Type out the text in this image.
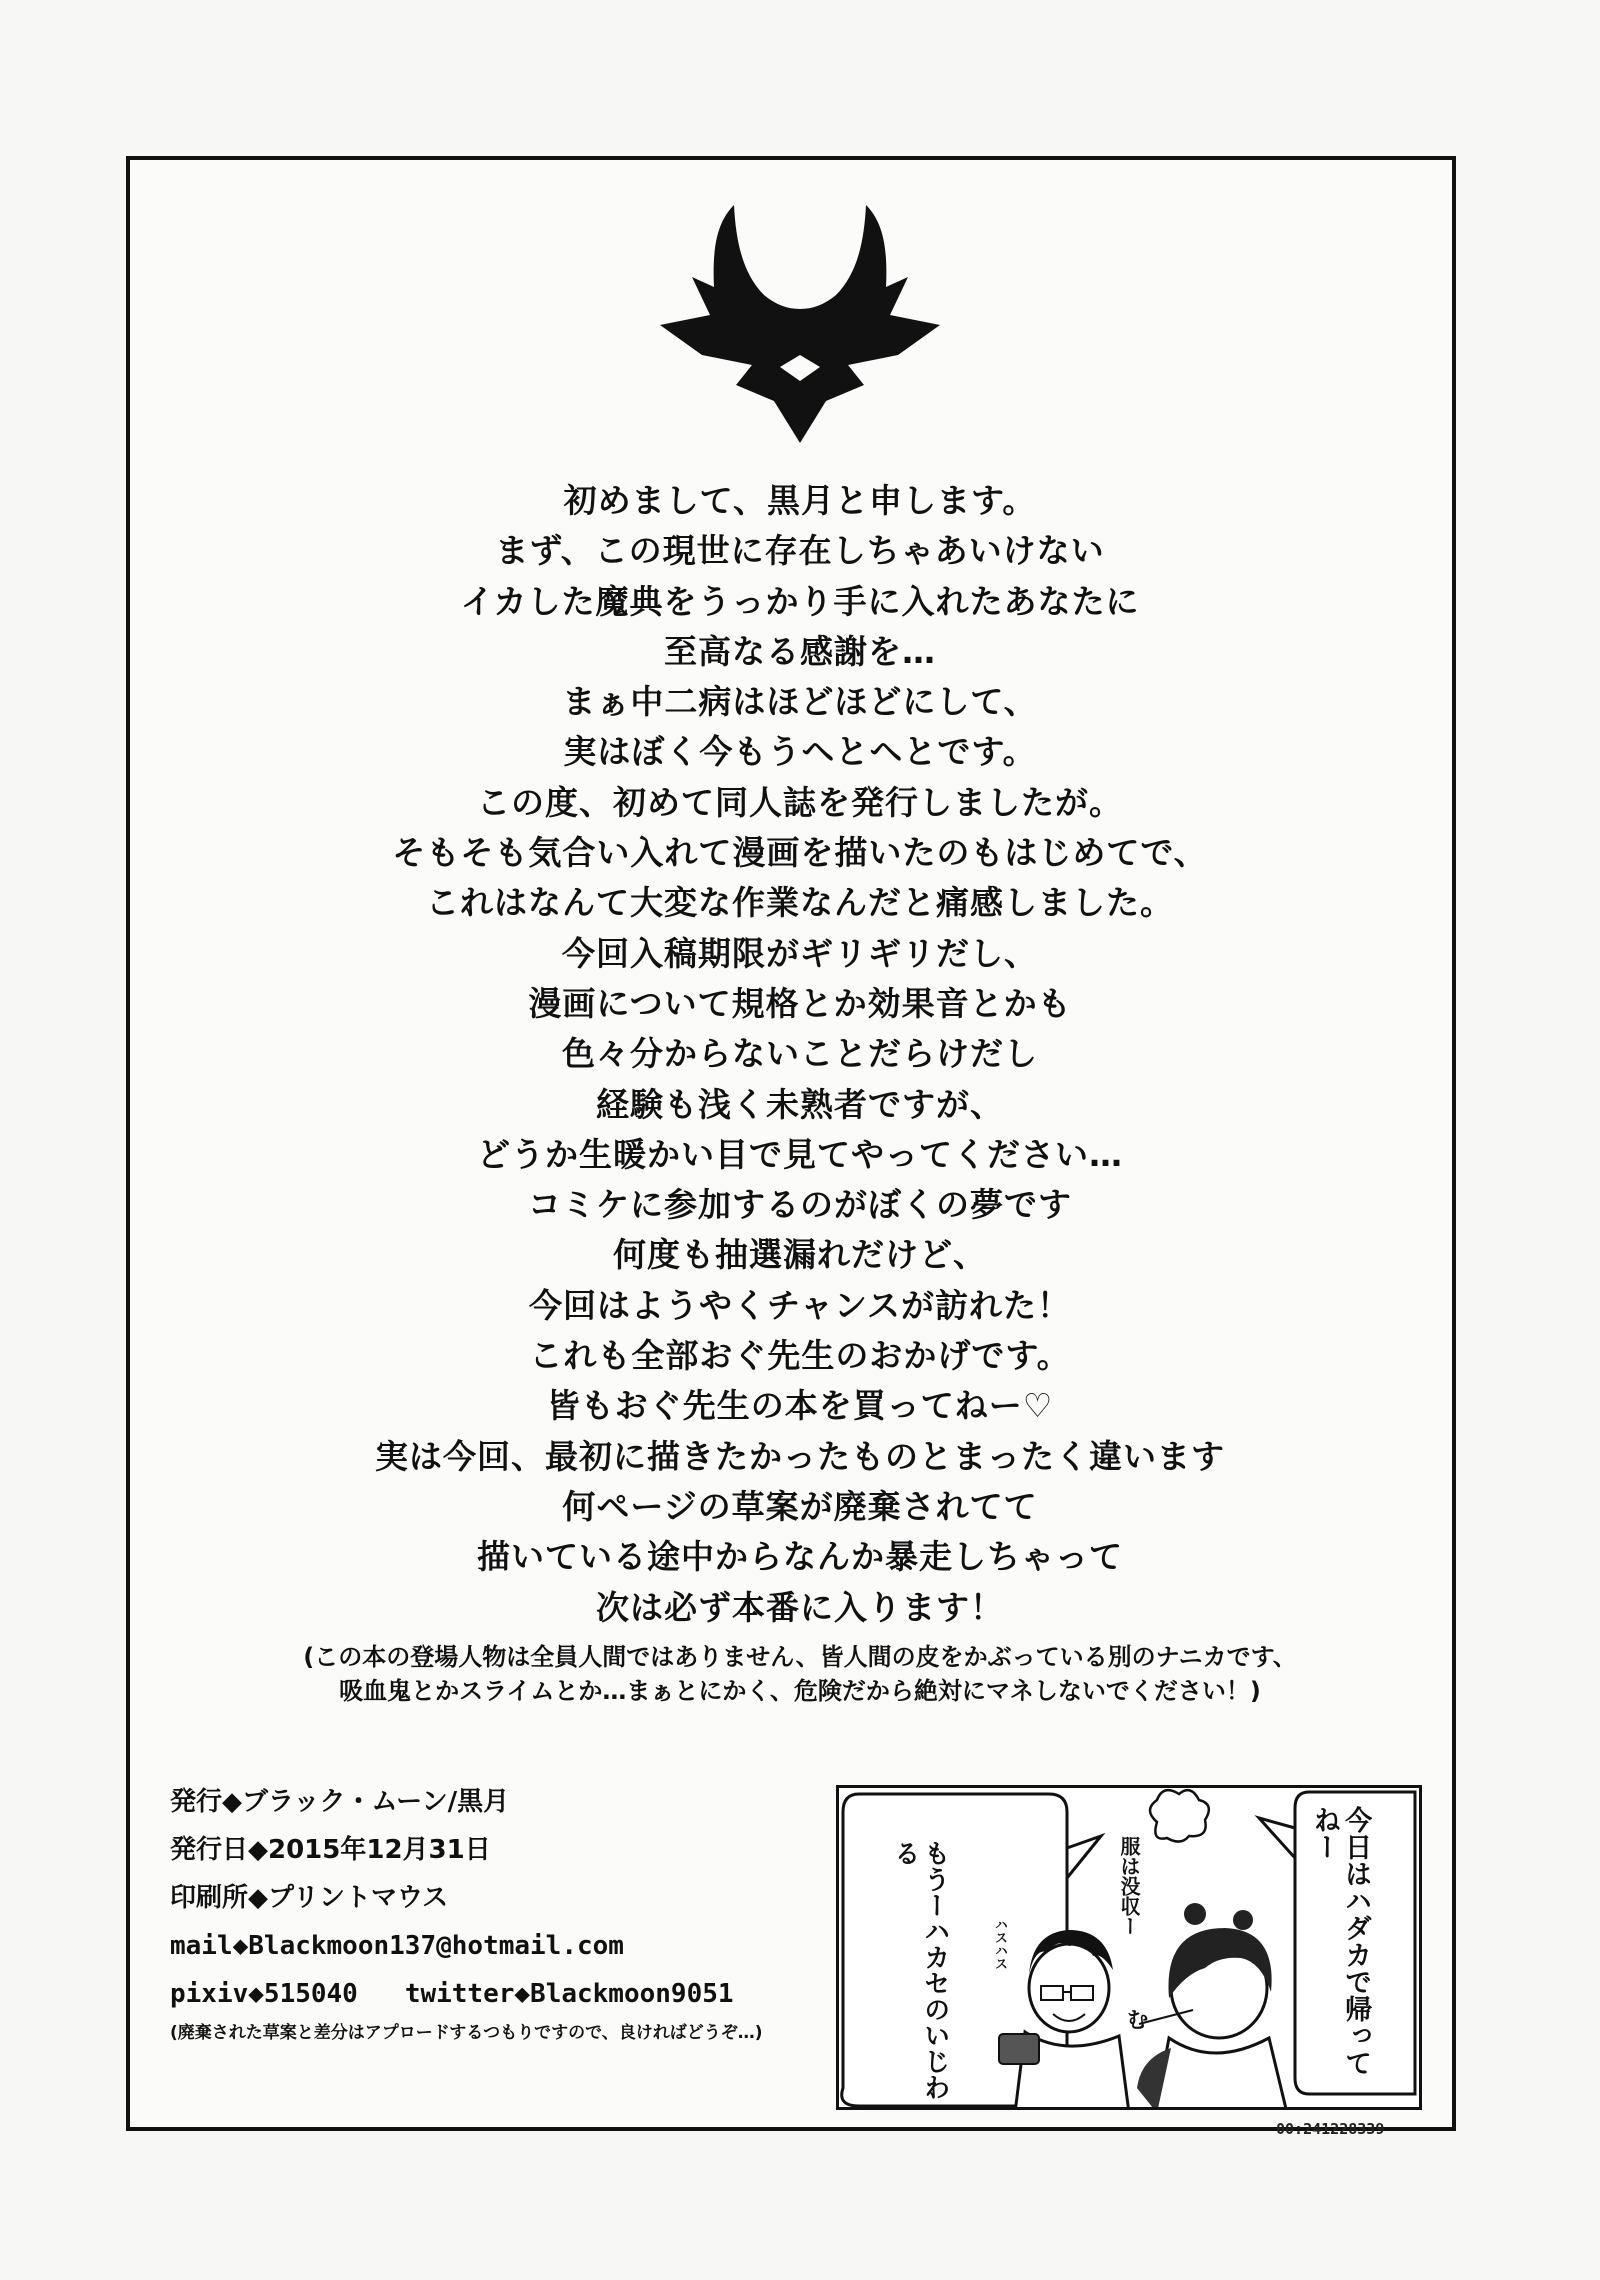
初めまして、黒月と申します。
まず、この現世に存在しちゃあいけない
イカした魔典をうっかり手に入れたあなたに
至高なる感謝を…
まぁ中二病はほどほどにして、
実はぼく今もうヘとヘとです。
この度、初めて同人誌を発行しましたが。
そもそも気合い入れて漫画を描いたのもはじめてで、
これはなんて大変な作業なんだと痛感しました。
今回入稿期限がギリギリだし、
漫画について規格とか効果音とかも
色々分からないことだらけだし
経験も浅く未熟者ですが、
どうか生暖かい目で見てやってください…
コミケに参加するのがぼくの夢です
何度も抽選漏れだけど、
今回はようやくチャンスが訪れた！
これも全部おぐ先生のおかげです。
皆もおぐ先生の本を買ってねー♡
実は今回、最初に描きたかったものとまったく違います
何ページの草案が廃棄されてて
描いている途中からなんか暴走しちゃって
次は必ず本番に入ります！
(この本の登場人物は全員人間ではありません、皆人間の皮をかぶっている別のナニカです、
吸血鬼とかスライムとか…まぁとにかく、危険だから絶対にマネしないでください！)
発行◆ブラック・ムーン/黒月
発行日◆2015年12月31日
印刷所◆プリントマウス
mail◆Blackmoon137@hotmail.com
pixiv◆515040 twitter◆Blackmoon9051
(廃棄された草案と差分はアプロードするつもりですので、良ければどうぞ…)	もうーハカセのいじわる	今日はハダカで帰ってねー
服は没収ー
ハスハス
む
00:241228339
